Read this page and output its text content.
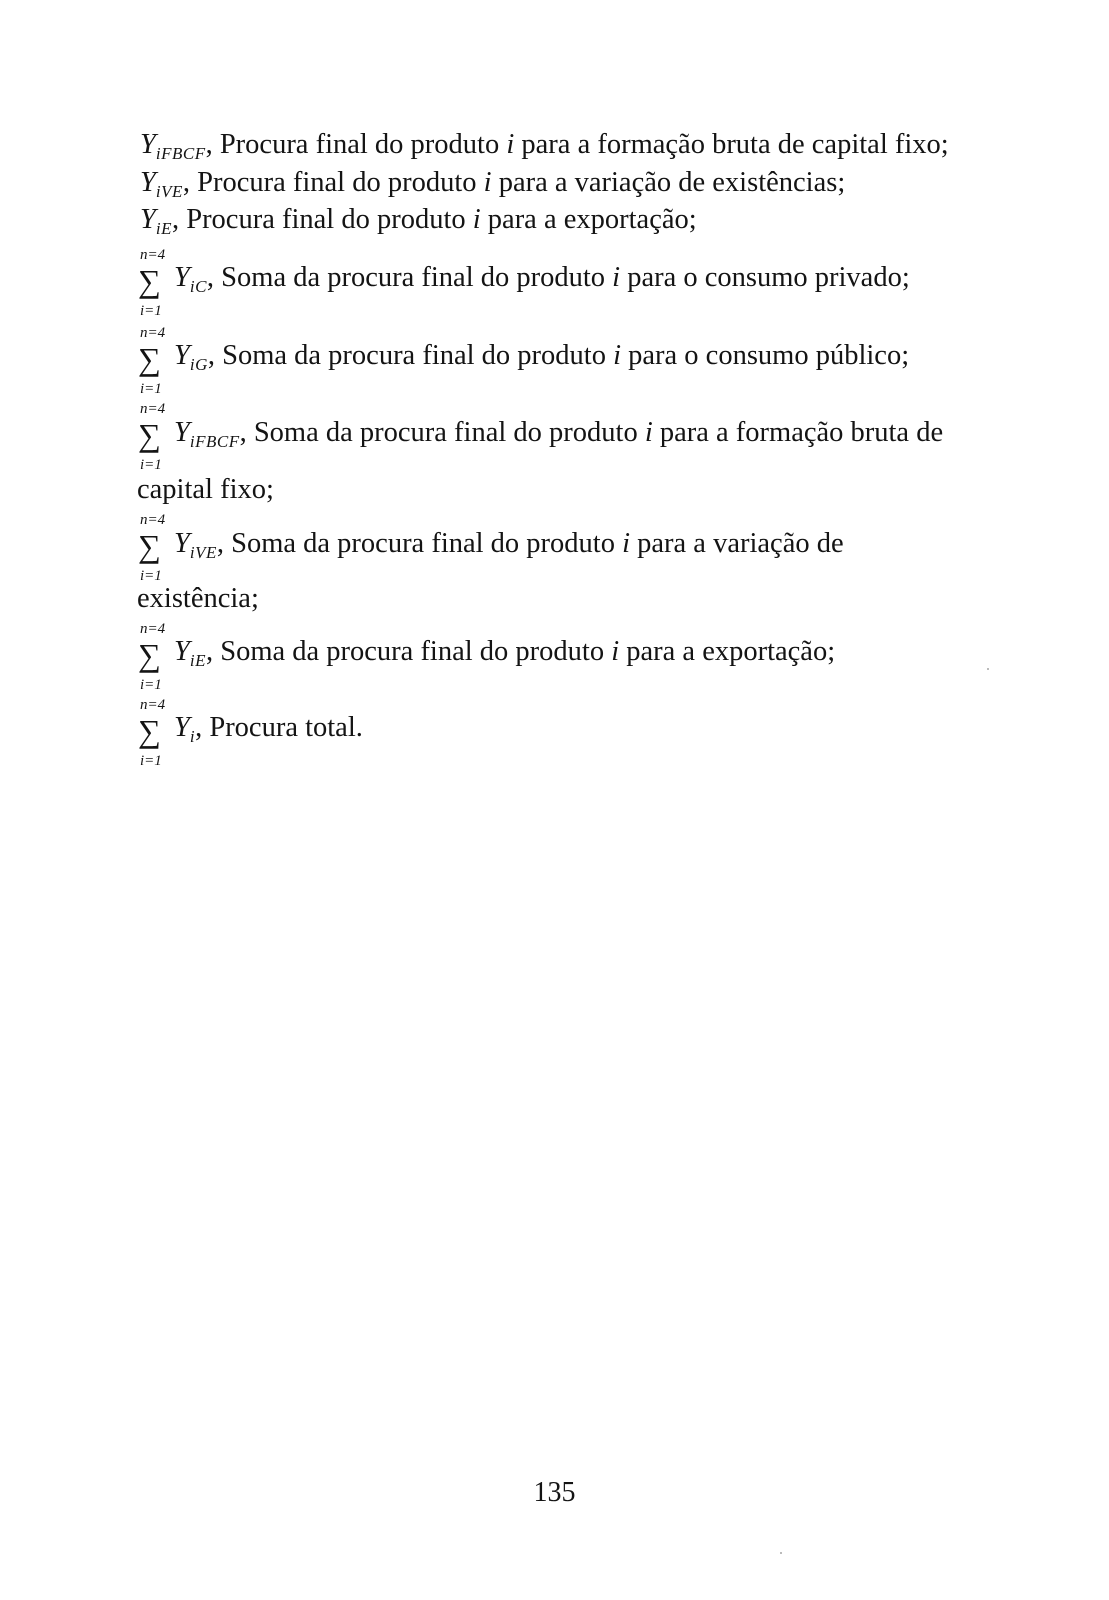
$Y_{iFBCF}$, Procura final do produto i para a formação bruta de capital fixo;
$Y_{iVE}$, Procura final do produto i para a variação de existências;
$Y_{iE}$, Procura final do produto i para a exportação;
n=4
∑
i=1
$Y_{iC}$, Soma da procura final do produto i para o consumo privado;
n=4
∑
i=1
$Y_{iG}$, Soma da procura final do produto i para o consumo público;
n=4
∑
i=1
$Y_{iFBCF}$, Soma da procura final do produto i para a formação bruta de
capital fixo;
n=4
∑
i=1
$Y_{iVE}$, Soma da procura final do produto i para a variação de
existência;
n=4
∑
i=1
$Y_{iE}$, Soma da procura final do produto i para a exportação;
n=4
∑
i=1
$Y_i$, Procura total.
135
